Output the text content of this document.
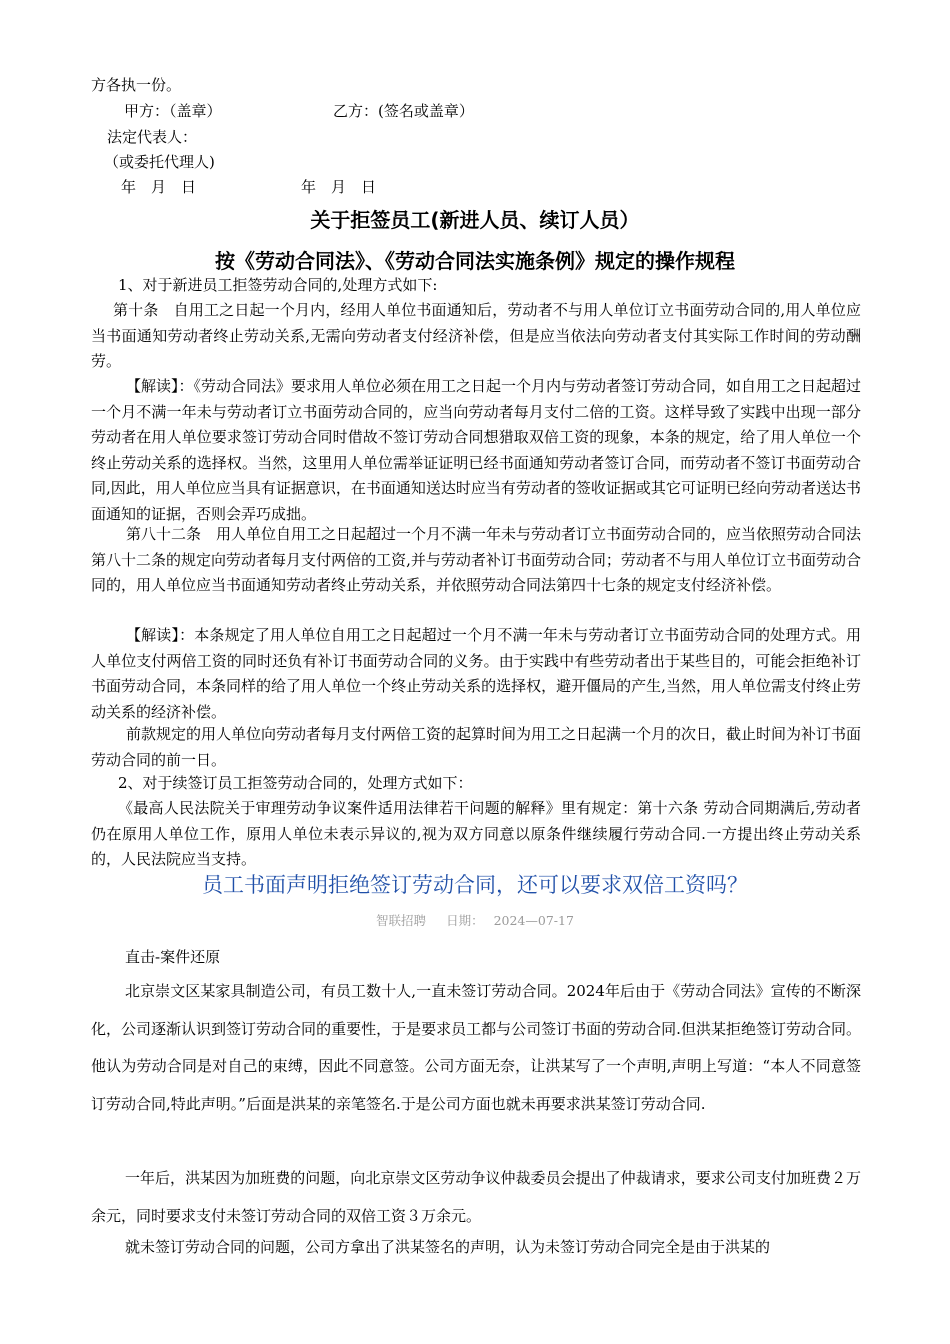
方各执一份。
甲方：（盖章）	乙方：(签名或盖章）
法定代表人：
（或委托代理人)
年　月　日	年　月　日
关于拒签员工(新进人员、续订人员）
按《劳动合同法》、《劳动合同法实施条例》规定的操作规程
1、对于新进员工拒签劳动合同的,处理方式如下:
第十条　自用工之日起一个月内，经用人单位书面通知后，劳动者不与用人单位订立书面劳动合同的,用人单位应当书面通知劳动者终止劳动关系,无需向劳动者支付经济补偿，但是应当依法向劳动者支付其实际工作时间的劳动酬劳。
【解读】：《劳动合同法》要求用人单位必须在用工之日起一个月内与劳动者签订劳动合同，如自用工之日起超过一个月不满一年未与劳动者订立书面劳动合同的，应当向劳动者每月支付二倍的工资。这样导致了实践中出现一部分劳动者在用人单位要求签订劳动合同时借故不签订劳动合同想猎取双倍工资的现象，本条的规定，给了用人单位一个终止劳动关系的选择权。当然，这里用人单位需举证证明已经书面通知劳动者签订合同，而劳动者不签订书面劳动合同,因此，用人单位应当具有证据意识，在书面通知送达时应当有劳动者的签收证据或其它可证明已经向劳动者送达书面通知的证据，否则会弄巧成拙。
第八十二条　用人单位自用工之日起超过一个月不满一年未与劳动者订立书面劳动合同的，应当依照劳动合同法第八十二条的规定向劳动者每月支付两倍的工资,并与劳动者补订书面劳动合同；劳动者不与用人单位订立书面劳动合同的，用人单位应当书面通知劳动者终止劳动关系，并依照劳动合同法第四十七条的规定支付经济补偿。
【解读】：本条规定了用人单位自用工之日起超过一个月不满一年未与劳动者订立书面劳动合同的处理方式。用人单位支付两倍工资的同时还负有补订书面劳动合同的义务。由于实践中有些劳动者出于某些目的，可能会拒绝补订书面劳动合同，本条同样的给了用人单位一个终止劳动关系的选择权，避开僵局的产生,当然，用人单位需支付终止劳动关系的经济补偿。
前款规定的用人单位向劳动者每月支付两倍工资的起算时间为用工之日起满一个月的次日，截止时间为补订书面劳动合同的前一日。
2、对于续签订员工拒签劳动合同的，处理方式如下：
《最高人民法院关于审理劳动争议案件适用法律若干问题的解释》里有规定：第十六条 劳动合同期满后,劳动者仍在原用人单位工作，原用人单位未表示异议的,视为双方同意以原条件继续履行劳动合同.一方提出终止劳动关系的，人民法院应当支持。
员工书面声明拒绝签订劳动合同，还可以要求双倍工资吗？
智联招聘 日期： 2024—07-17
直击-案件还原
北京崇文区某家具制造公司，有员工数十人,一直未签订劳动合同。2024年后由于《劳动合同法》宣传的不断深化，公司逐渐认识到签订劳动合同的重要性，于是要求员工都与公司签订书面的劳动合同.但洪某拒绝签订劳动合同。他认为劳动合同是对自己的束缚，因此不同意签。公司方面无奈，让洪某写了一个声明,声明上写道：“本人不同意签订劳动合同,特此声明。”后面是洪某的亲笔签名.于是公司方面也就未再要求洪某签订劳动合同.
一年后，洪某因为加班费的问题，向北京崇文区劳动争议仲裁委员会提出了仲裁请求，要求公司支付加班费２万余元，同时要求支付未签订劳动合同的双倍工资３万余元。
就未签订劳动合同的问题，公司方拿出了洪某签名的声明，认为未签订劳动合同完全是由于洪某的
